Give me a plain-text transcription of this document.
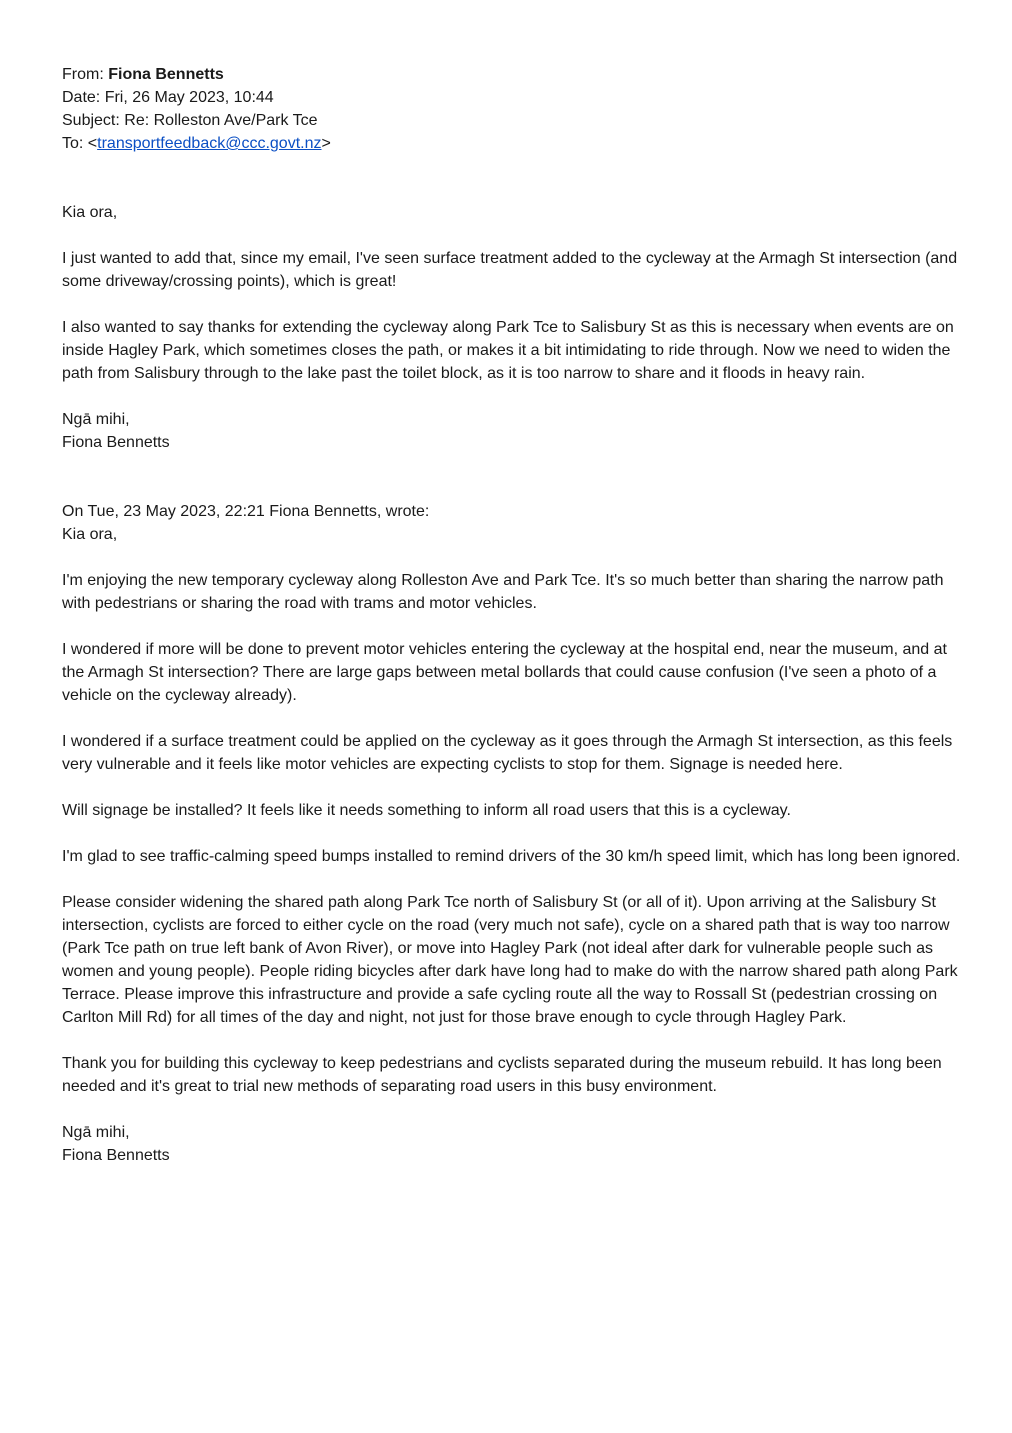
From: Fiona Bennetts

Date: Fri, 26 May 2023, 10:44

Subject: Re: Rolleston Ave/Park Tce

To: <transportfeedback@ccc.govt.nz>

Kia ora,

I just wanted to add that, since my email, I've seen surface treatment added to the cycleway at the Armagh St intersection (and some driveway/crossing points), which is great!

I also wanted to say thanks for extending the cycleway along Park Tce to Salisbury St as this is necessary when events are on inside Hagley Park, which sometimes closes the path, or makes it a bit intimidating to ride through. Now we need to widen the path from Salisbury through to the lake past the toilet block, as it is too narrow to share and it floods in heavy rain.

Ngā mihi,

Fiona Bennetts

On Tue, 23 May 2023, 22:21 Fiona Bennetts, wrote:

Kia ora,

I'm enjoying the new temporary cycleway along Rolleston Ave and Park Tce. It's so much better than sharing the narrow path with pedestrians or sharing the road with trams and motor vehicles.

I wondered if more will be done to prevent motor vehicles entering the cycleway at the hospital end, near the museum, and at the Armagh St intersection? There are large gaps between metal bollards that could cause confusion (I've seen a photo of a vehicle on the cycleway already).

I wondered if a surface treatment could be applied on the cycleway as it goes through the Armagh St intersection, as this feels very vulnerable and it feels like motor vehicles are expecting cyclists to stop for them. Signage is needed here.

Will signage be installed? It feels like it needs something to inform all road users that this is a cycleway.

I'm glad to see traffic-calming speed bumps installed to remind drivers of the 30 km/h speed limit, which has long been ignored.

Please consider widening the shared path along Park Tce north of Salisbury St (or all of it). Upon arriving at the Salisbury St intersection, cyclists are forced to either cycle on the road (very much not safe), cycle on a shared path that is way too narrow (Park Tce path on true left bank of Avon River), or move into Hagley Park (not ideal after dark for vulnerable people such as women and young people). People riding bicycles after dark have long had to make do with the narrow shared path along Park Terrace. Please improve this infrastructure and provide a safe cycling route all the way to Rossall St (pedestrian crossing on Carlton Mill Rd) for all times of the day and night, not just for those brave enough to cycle through Hagley Park.

Thank you for building this cycleway to keep pedestrians and cyclists separated during the museum rebuild. It has long been needed and it's great to trial new methods of separating road users in this busy environment.

Ngā mihi,

Fiona Bennetts
